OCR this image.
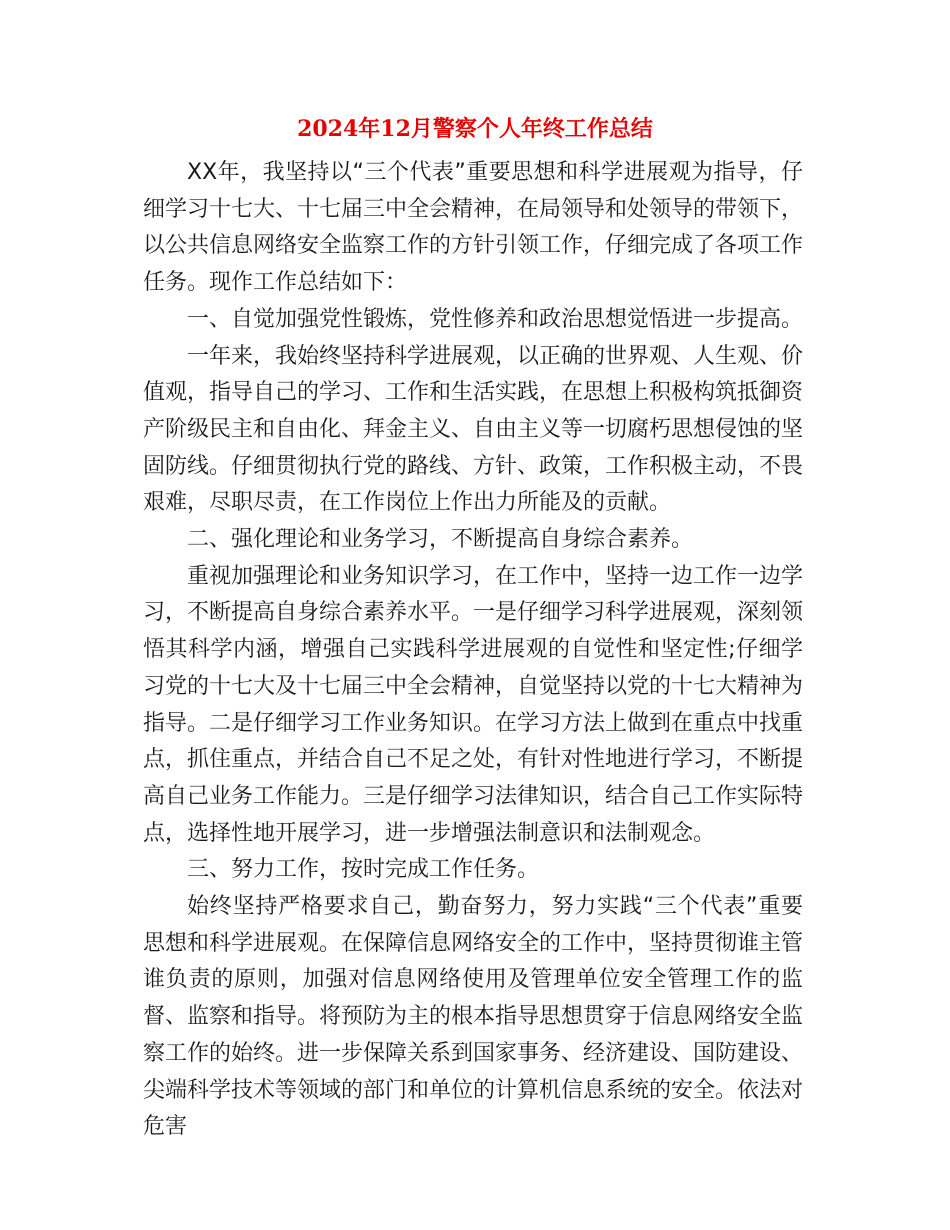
2024年12月警察个人年终工作总结

XX年，我坚持以“三个代表”重要思想和科学进展观为指导，仔细学习十七大、十七届三中全会精神，在局领导和处领导的带领下，以公共信息网络安全监察工作的方针引领工作，仔细完成了各项工作任务。现作工作总结如下：

一、自觉加强党性锻炼，党性修养和政治思想觉悟进一步提高。

一年来，我始终坚持科学进展观，以正确的世界观、人生观、价值观，指导自己的学习、工作和生活实践，在思想上积极构筑抵御资产阶级民主和自由化、拜金主义、自由主义等一切腐朽思想侵蚀的坚固防线。仔细贯彻执行党的路线、方针、政策，工作积极主动，不畏艰难，尽职尽责，在工作岗位上作出力所能及的贡献。

二、强化理论和业务学习，不断提高自身综合素养。

重视加强理论和业务知识学习，在工作中，坚持一边工作一边学习，不断提高自身综合素养水平。一是仔细学习科学进展观，深刻领悟其科学内涵，增强自己实践科学进展观的自觉性和坚定性;仔细学习党的十七大及十七届三中全会精神，自觉坚持以党的十七大精神为指导。二是仔细学习工作业务知识。在学习方法上做到在重点中找重点，抓住重点，并结合自己不足之处，有针对性地进行学习，不断提高自己业务工作能力。三是仔细学习法律知识，结合自己工作实际特点，选择性地开展学习，进一步增强法制意识和法制观念。

三、努力工作，按时完成工作任务。

始终坚持严格要求自己，勤奋努力，努力实践“三个代表”重要思想和科学进展观。在保障信息网络安全的工作中，坚持贯彻谁主管谁负责的原则，加强对信息网络使用及管理单位安全管理工作的监督、监察和指导。将预防为主的根本指导思想贯穿于信息网络安全监察工作的始终。进一步保障关系到国家事务、经济建设、国防建设、尖端科学技术等领域的部门和单位的计算机信息系统的安全。依法对危害
